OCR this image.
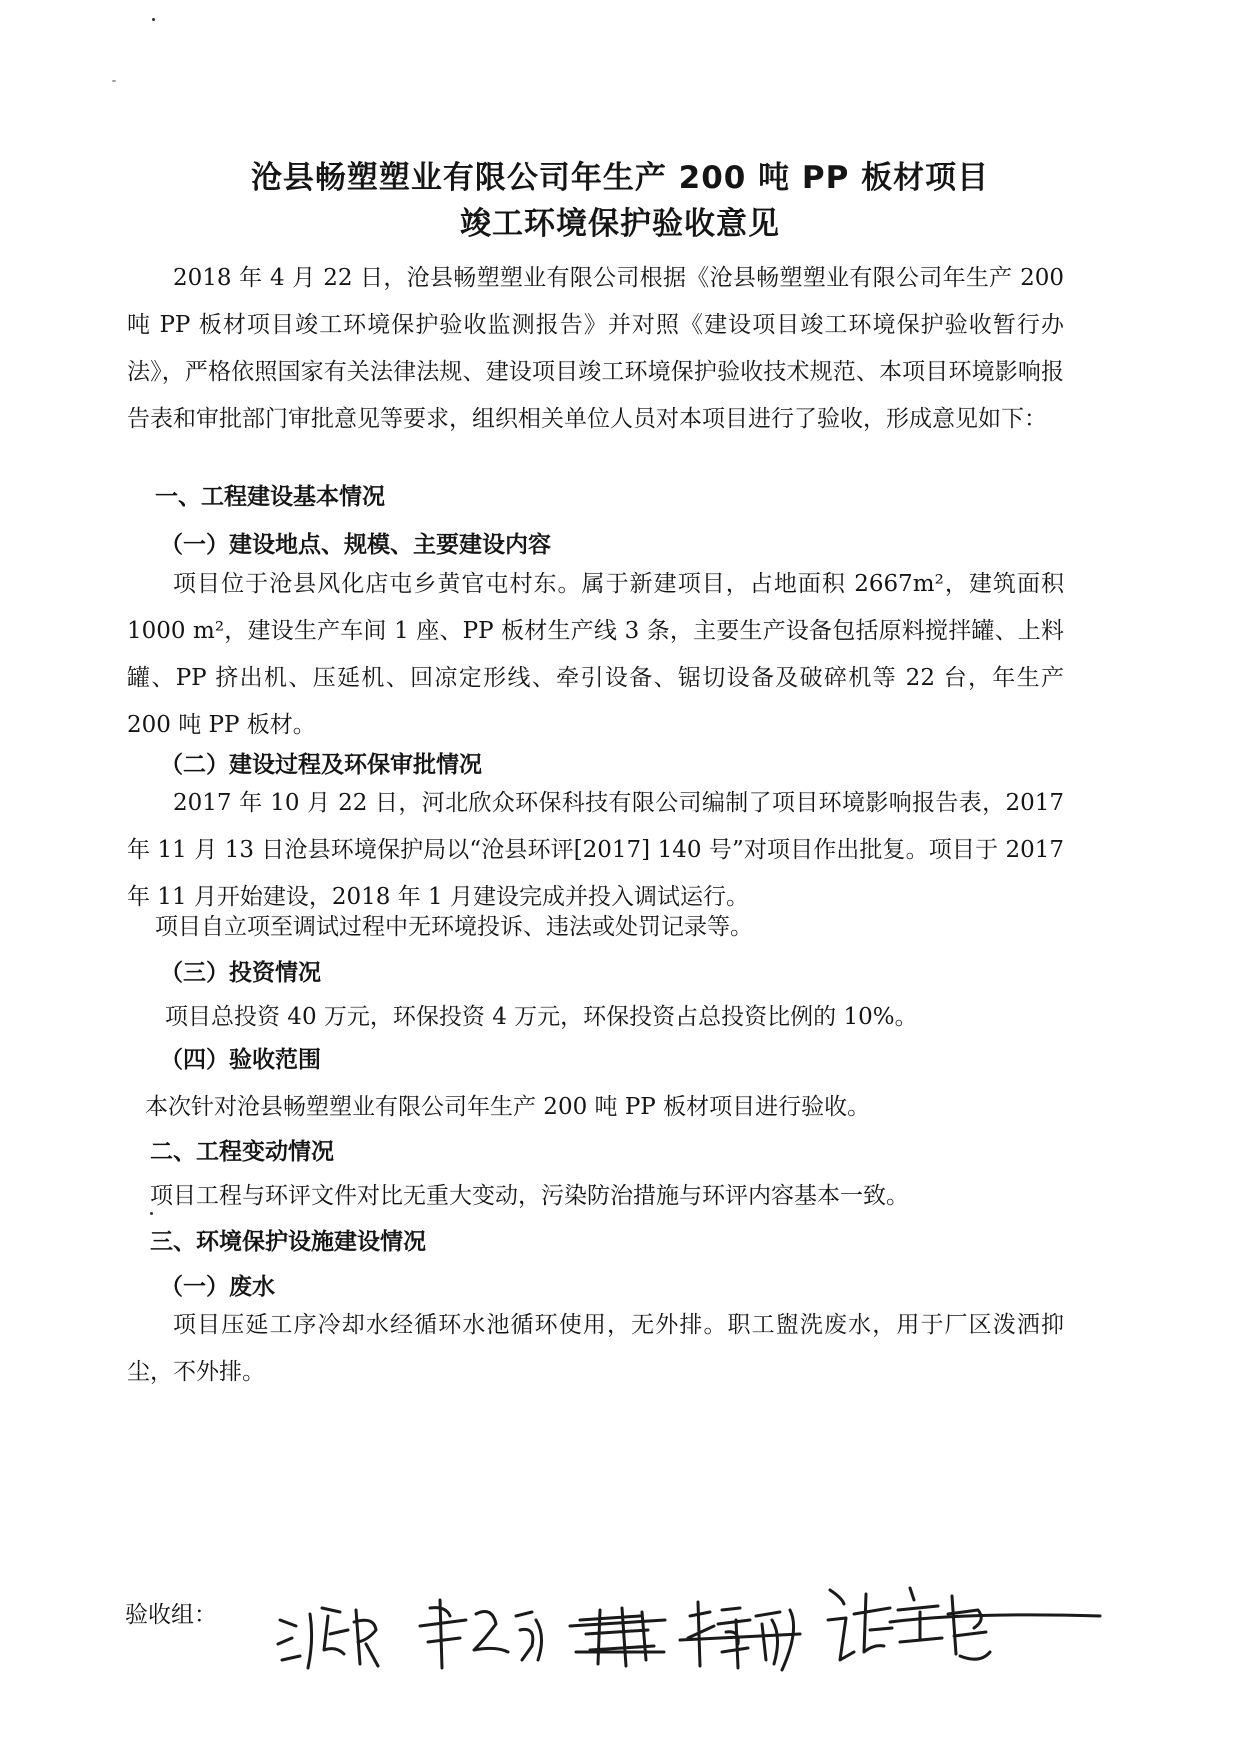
沧县畅塑塑业有限公司年生产 200 吨 PP 板材项目
竣工环境保护验收意见

2018 年 4 月 22 日，沧县畅塑塑业有限公司根据《沧县畅塑塑业有限公司年生产 200 吨 PP 板材项目竣工环境保护验收监测报告》并对照《建设项目竣工环境保护验收暂行办法》，严格依照国家有关法律法规、建设项目竣工环境保护验收技术规范、本项目环境影响报告表和审批部门审批意见等要求，组织相关单位人员对本项目进行了验收，形成意见如下：

一、工程建设基本情况
（一）建设地点、规模、主要建设内容

项目位于沧县风化店屯乡黄官屯村东。属于新建项目，占地面积 2667m²，建筑面积 1000 m²，建设生产车间 1 座、PP 板材生产线 3 条，主要生产设备包括原料搅拌罐、上料罐、PP 挤出机、压延机、回凉定形线、牵引设备、锯切设备及破碎机等 22 台，年生产 200 吨 PP 板材。

（二）建设过程及环保审批情况

2017 年 10 月 22 日，河北欣众环保科技有限公司编制了项目环境影响报告表，2017 年 11 月 13 日沧县环境保护局以“沧县环评[2017] 140 号”对项目作出批复。项目于 2017 年 11 月开始建设，2018 年 1 月建设完成并投入调试运行。

项目自立项至调试过程中无环境投诉、违法或处罚记录等。
（三）投资情况
项目总投资 40 万元，环保投资 4 万元，环保投资占总投资比例的 10%。
（四）验收范围
本次针对沧县畅塑塑业有限公司年生产 200 吨 PP 板材项目进行验收。
二、工程变动情况
项目工程与环评文件对比无重大变动，污染防治措施与环评内容基本一致。
三、环境保护设施建设情况
（一）废水

项目压延工序冷却水经循环水池循环使用，无外排。职工盥洗废水，用于厂区泼洒抑尘，不外排。

验收组：
